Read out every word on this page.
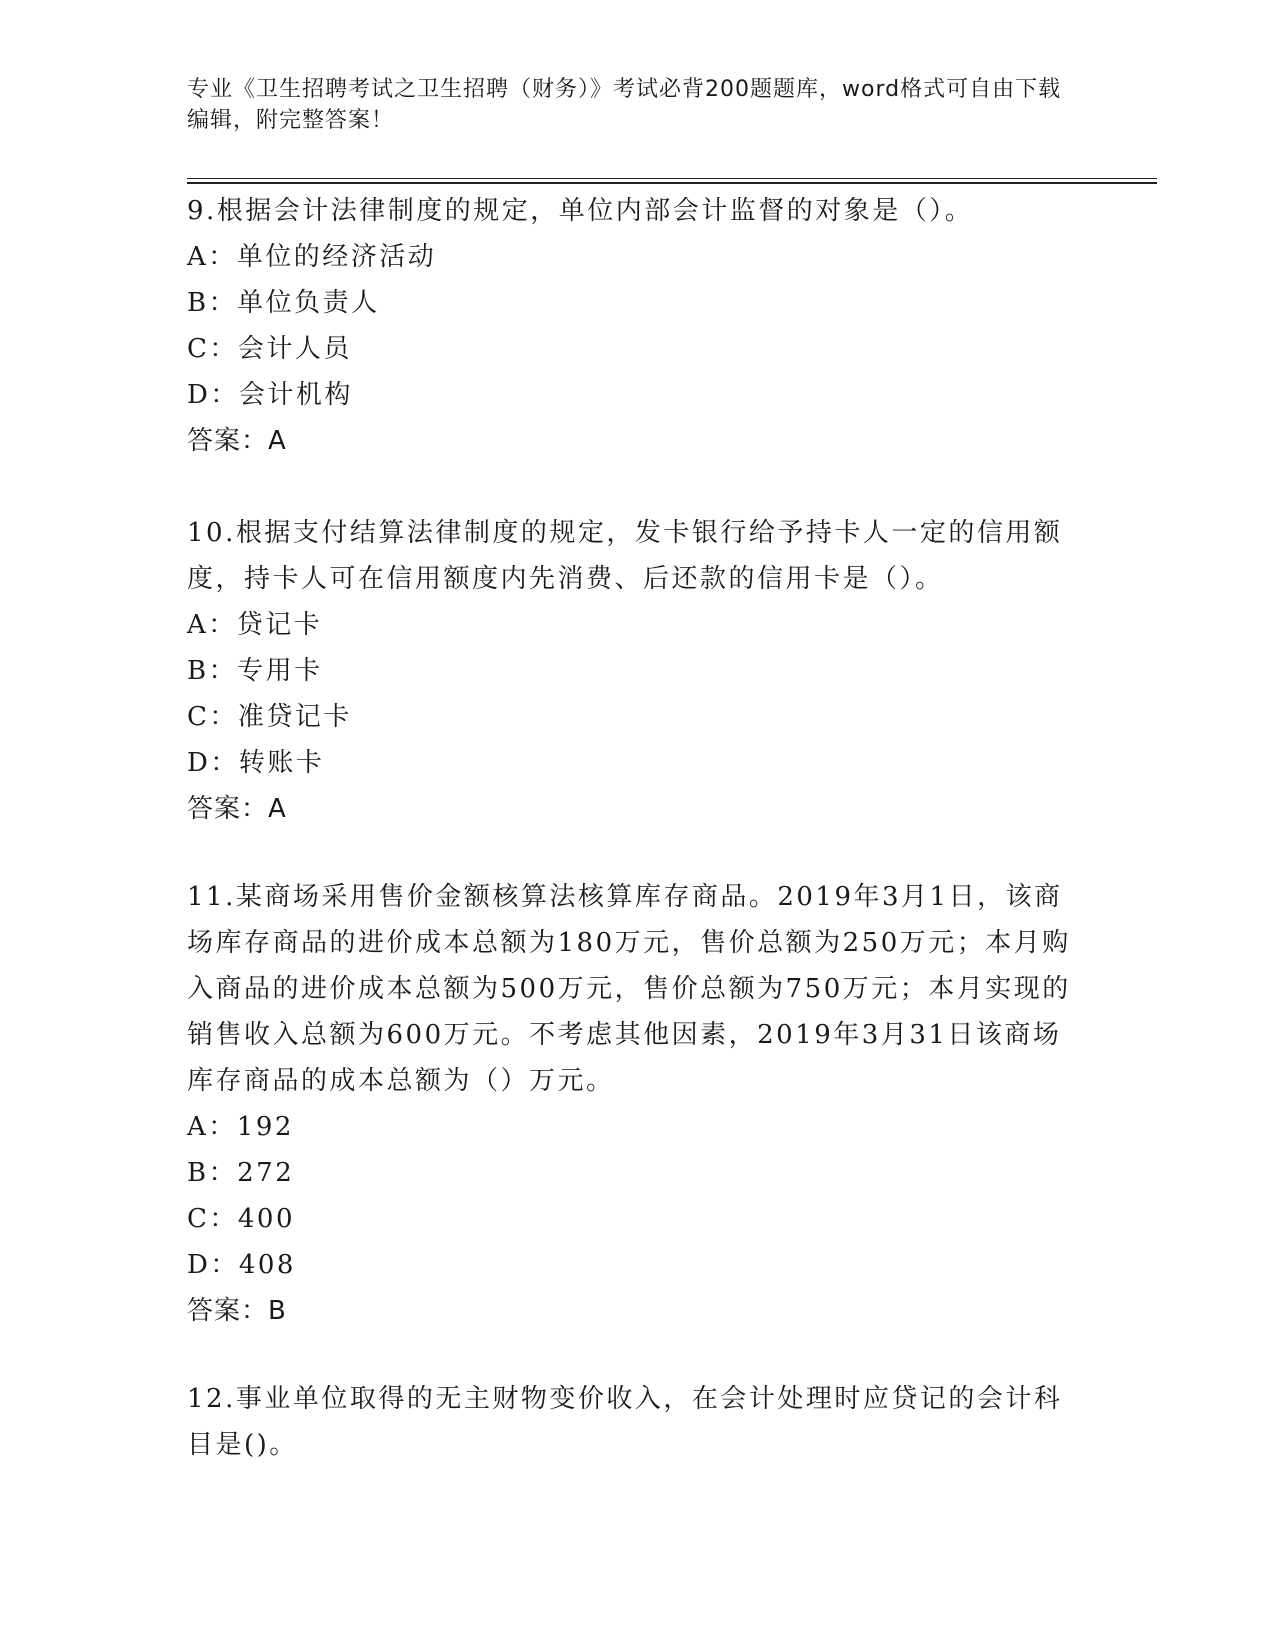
专业《卫生招聘考试之卫生招聘（财务）》考试必背200题题库，word格式可自由下载编辑，附完整答案！

9.根据会计法律制度的规定，单位内部会计监督的对象是（）。

A：单位的经济活动

B：单位负责人

C：会计人员

D：会计机构

答案：A

10.根据支付结算法律制度的规定，发卡银行给予持卡人一定的信用额度，持卡人可在信用额度内先消费、后还款的信用卡是（）。

A：贷记卡

B：专用卡

C：准贷记卡

D：转账卡

答案：A

11.某商场采用售价金额核算法核算库存商品。2019年3月1日，该商场库存商品的进价成本总额为180万元，售价总额为250万元；本月购入商品的进价成本总额为500万元，售价总额为750万元；本月实现的销售收入总额为600万元。不考虑其他因素，2019年3月31日该商场库存商品的成本总额为（）万元。

A：192

B：272

C：400

D：408

答案：B

12.事业单位取得的无主财物变价收入，在会计处理时应贷记的会计科目是()。
